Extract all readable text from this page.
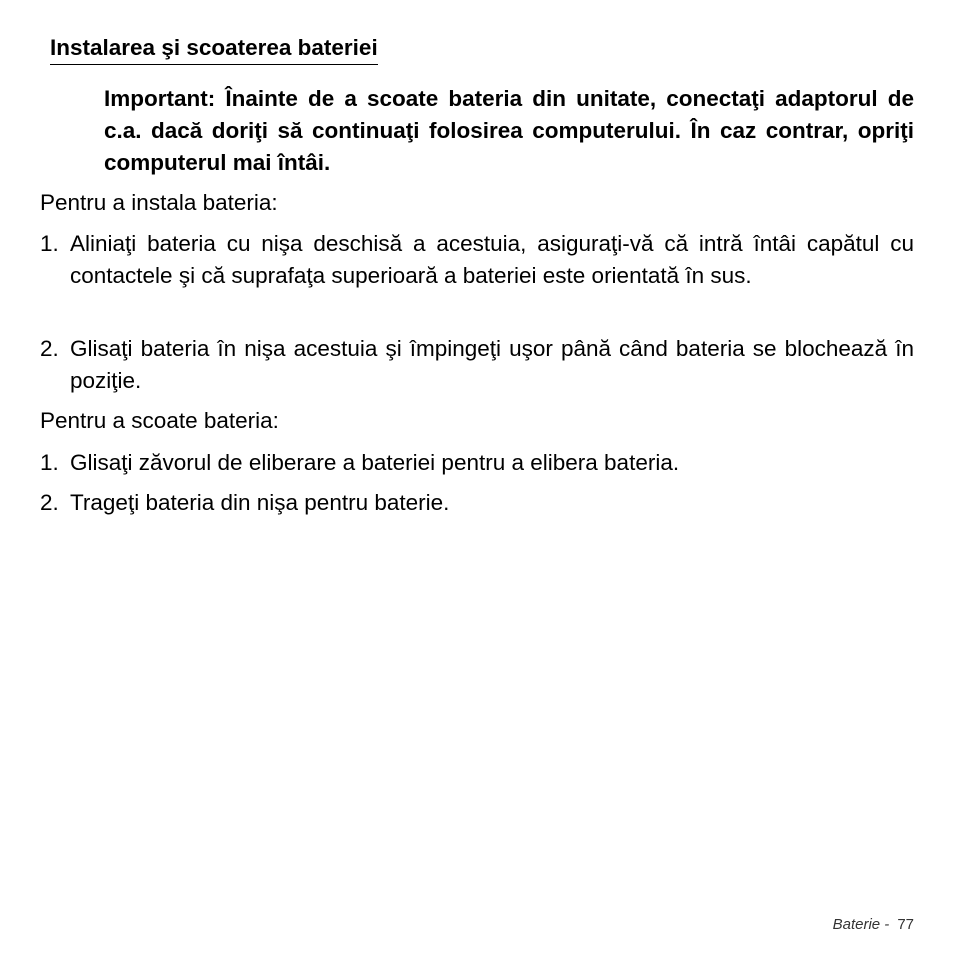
Instalarea şi scoaterea bateriei

Important: Înainte de a scoate bateria din unitate, conectaţi adaptorul de c.a. dacă doriţi să continuaţi folosirea computerului. În caz contrar, opriţi computerul mai întâi.

Pentru a instala bateria:

1. Aliniaţi bateria cu nişa deschisă a acestuia, asiguraţi-vă că intră întâi capătul cu contactele şi că suprafaţa superioară a bateriei este orientată în sus.
2. Glisaţi bateria în nişa acestuia şi împingeţi uşor până când bateria se blochează în poziţie.

Pentru a scoate bateria:

1. Glisaţi zăvorul de eliberare a bateriei pentru a elibera bateria.
2. Trageţi bateria din nişa pentru baterie.
Baterie - 77
